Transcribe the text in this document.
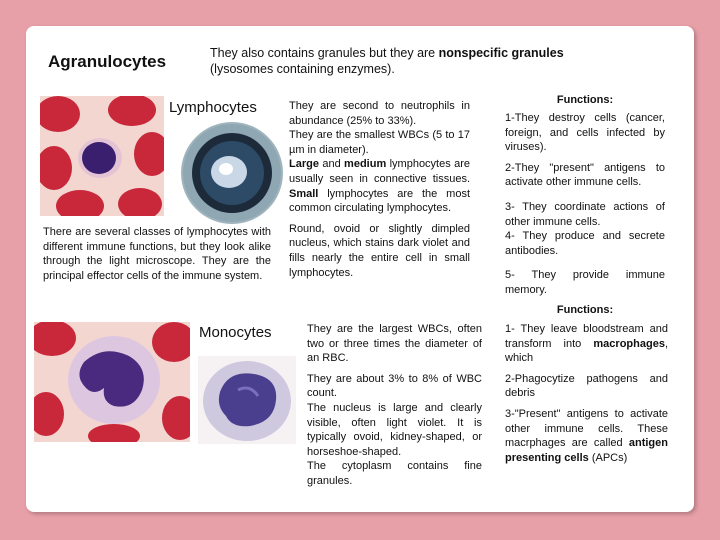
Agranulocytes	They also contains granules but they are nonspecific granules (lysosomes containing enzymes).
Lymphocytes
There are several classes of lymphocytes with different immune functions, but they look alike through the light microscope. They are the principal effector cells of the immune system.
They are second to neutrophils in abundance (25% to 33%).
They are the smallest WBCs (5 to 17 µm in diameter).
Large and medium lymphocytes are usually seen in connective tissues. Small lymphocytes are the most common circulating lymphocytes.
Round, ovoid or slightly dimpled nucleus, which stains dark violet and fills nearly the entire cell in small lymphocytes.
Functions:

1-They destroy cells (cancer, foreign, and cells infected by viruses).

2-They "present" antigens to activate other immune cells.

3- They coordinate actions of other immune cells.

4- They produce and secrete antibodies.

5- They provide immune memory.

Monocytes	They are the largest WBCs, often two or three times the diameter of an RBC.

They are about 3% to 8% of WBC count.
The nucleus is large and clearly visible, often light violet. It is typically ovoid, kidney-shaped, or horseshoe-shaped.
The cytoplasm contains fine granules.
Functions:

1- They leave bloodstream and transform into macrophages, which

2-Phagocytize pathogens and debris

3-"Present" antigens to activate other immune cells. These macrphages are called antigen presenting cells (APCs)
